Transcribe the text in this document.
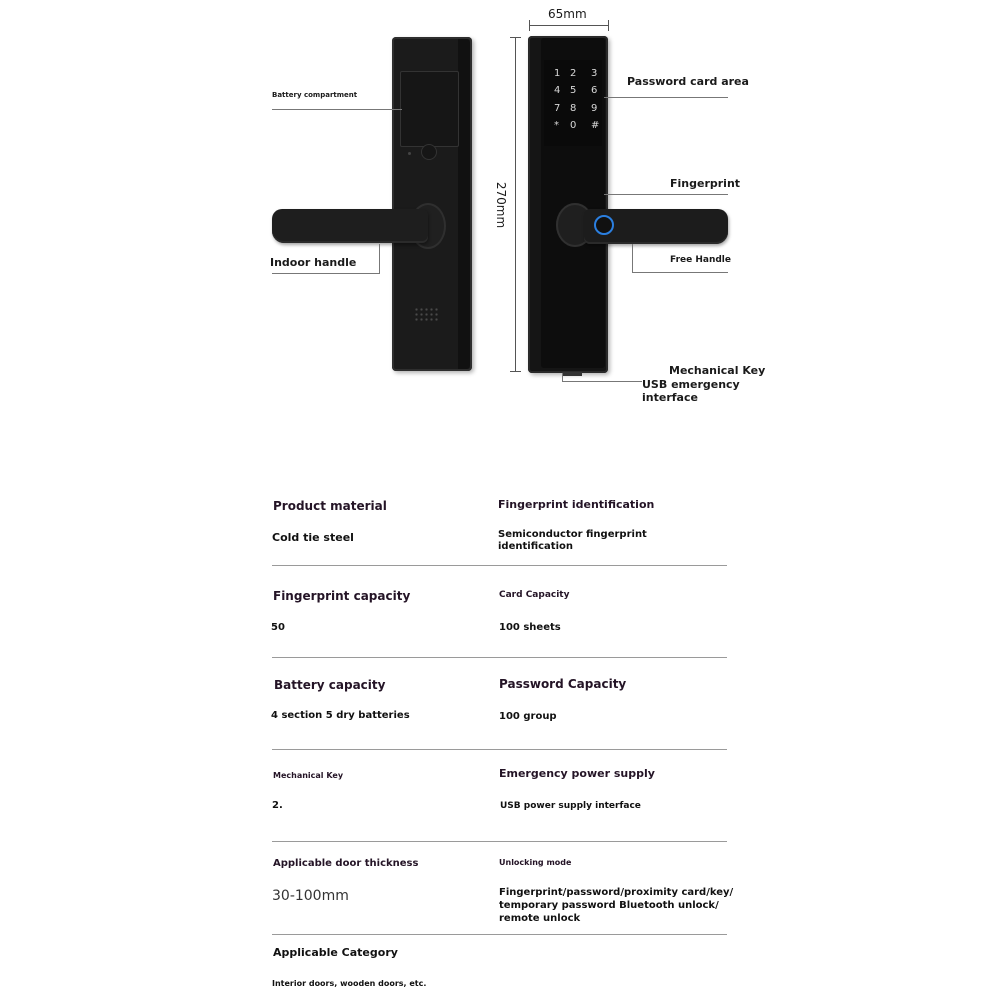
1 2 3
4 5 6
7 8 9
* 0 #
65mm
270mm
Battery compartment
Indoor handle
Password card area
Fingerprint
Free Handle
Mechanical Key
USB emergency
interface
Product material	Fingerprint identification
Cold tie steel	Semiconductor fingerprint
identification
Fingerprint capacity	Card Capacity
50	100 sheets
Battery capacity	Password Capacity
4 section 5 dry batteries	100 group
Mechanical Key	Emergency power supply
2.	USB power supply interface
Applicable door thickness	Unlocking mode
30-100mm	Fingerprint/password/proximity card/key/
temporary password Bluetooth unlock/
remote unlock
Applicable Category
Interior doors, wooden doors, etc.
